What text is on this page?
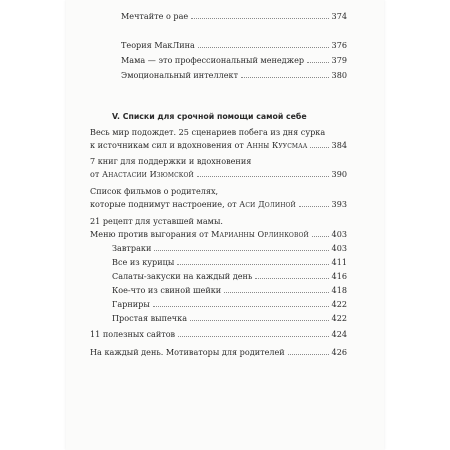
Мечтайте о рае	374
Теория МакЛина	376
Мама — это профессиональный менеджер	379
Эмоциональный интеллект	380
V. Списки для срочной помощи самой себе
Весь мир подождет. 25 сценариев побега из дня сурка
к источникам сил и вдохновения от Анны Куусмаа	384
7 книг для поддержки и вдохновения
от Анастасии Изюмской	390
Список фильмов о родителях,
которые поднимут настроение, от Аси Долиной	393
21 рецепт для уставшей мамы.
Меню против выгорания от Марианны Орлинковой	403
Завтраки	403
Все из курицы	411
Салаты-закуски на каждый день	416
Кое-что из свиной шейки	418
Гарниры	422
Простая выпечка	422
11 полезных сайтов	424
На каждый день. Мотиваторы для родителей	426
